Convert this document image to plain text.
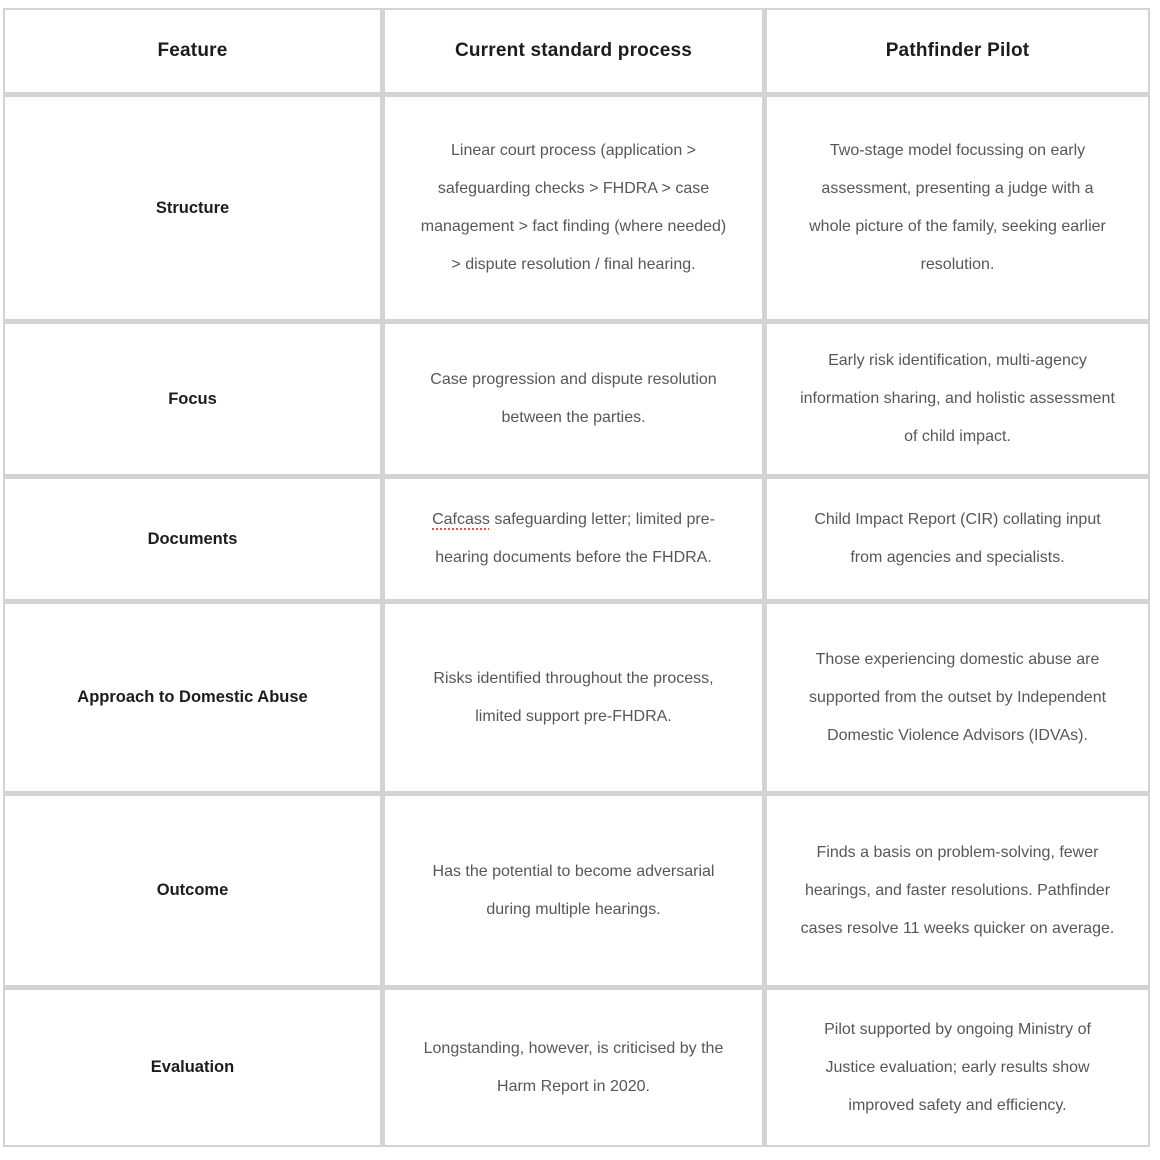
Feature	Current standard process	Pathfinder Pilot
Structure
Linear court process (application > safeguarding checks > FHDRA > case management > fact finding (where needed) > dispute resolution / final hearing.
Two-stage model focussing on early assessment, presenting a judge with a whole picture of the family, seeking earlier resolution.
Focus
Case progression and dispute resolution between the parties.
Early risk identification, multi-agency information sharing, and holistic assessment of child impact.
Documents
Cafcass safeguarding letter; limited pre-hearing documents before the FHDRA.
Child Impact Report (CIR) collating input from agencies and specialists.
Approach to Domestic Abuse
Risks identified throughout the process, limited support pre-FHDRA.
Those experiencing domestic abuse are supported from the outset by Independent Domestic Violence Advisors (IDVAs).
Outcome
Has the potential to become adversarial during multiple hearings.
Finds a basis on problem-solving, fewer hearings, and faster resolutions. Pathfinder cases resolve 11 weeks quicker on average.
Evaluation
Longstanding, however, is criticised by the Harm Report in 2020.
Pilot supported by ongoing Ministry of Justice evaluation; early results show improved safety and efficiency.
